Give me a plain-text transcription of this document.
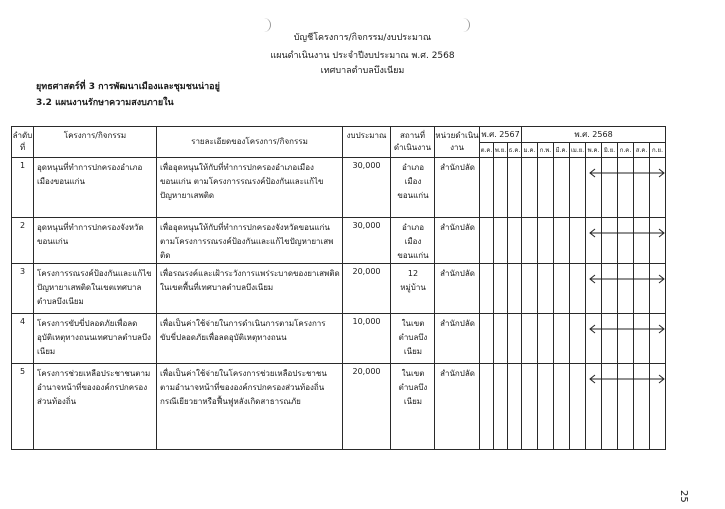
บัญชีโครงการ/กิจกรรม/งบประมาณ
แผนดำเนินงาน ประจำปีงบประมาณ พ.ศ. 2568
เทศบาลตำบลบึงเนียม
ยุทธศาสตร์ที่ 3 การพัฒนาเมืองและชุมชนน่าอยู่
3.2 แผนงานรักษาความสงบภายใน
ลำดับที่	โครงการ/กิจกรรม	รายละเอียดของโครงการ/กิจกรรม	งบประมาณ	สถานที่ดำเนินงาน	หน่วยดำเนินงาน	พ.ศ. 2567			พ.ศ. 2568								
						ต.ค.	พ.ย.	ธ.ค.	ม.ค.	ก.พ.	มี.ค.	เม.ย.	พ.ค.	มิ.ย.	ก.ค.	ส.ค.	ก.ย.
1	อุดหนุนที่ทำการปกครองอำเภอเมืองขอนแก่น	เพื่ออุดหนุนให้กับที่ทำการปกครองอำเภอเมืองขอนแก่น ตามโครงการรณรงค์ป้องกันและแก้ไขปัญหายาเสพติด	30,000	อำเภอเมืองขอนแก่น	สำนักปลัด								

2	อุดหนุนที่ทำการปกครองจังหวัดขอนแก่น	เพื่ออุดหนุนให้กับที่ทำการปกครองจังหวัดขอนแก่น ตามโครงการรณรงค์ป้องกันและแก้ไขปัญหายาเสพติด	30,000	อำเภอเมืองขอนแก่น	สำนักปลัด								

3	โครงการรณรงค์ป้องกันและแก้ไขปัญหายาเสพติดในเขตเทศบาลตำบลบึงเนียม	เพื่อรณรงค์และเฝ้าระวังการแพร่ระบาดของยาเสพติดในเขตพื้นที่เทศบาลตำบลบึงเนียม	20,000	12 หมู่บ้าน	สำนักปลัด								

4	โครงการขับขี่ปลอดภัยเพื่อลดอุบัติเหตุทางถนนเทศบาลตำบลบึงเนียม	เพื่อเป็นค่าใช้จ่ายในการดำเนินการตามโครงการขับขี่ปลอดภัยเพื่อลดอุบัติเหตุทางถนน	10,000	ในเขตตำบลบึงเนียม	สำนักปลัด								

5	โครงการช่วยเหลือประชาชนตามอำนาจหน้าที่ขององค์กรปกครองส่วนท้องถิ่น	เพื่อเป็นค่าใช้จ่ายในโครงการช่วยเหลือประชาชนตามอำนาจหน้าที่ขององค์กรปกครองส่วนท้องถิ่น กรณีเยียวยาหรือฟื้นฟูหลังเกิดสาธารณภัย	20,000	ในเขตตำบลบึงเนียม	สำนักปลัด								

25
